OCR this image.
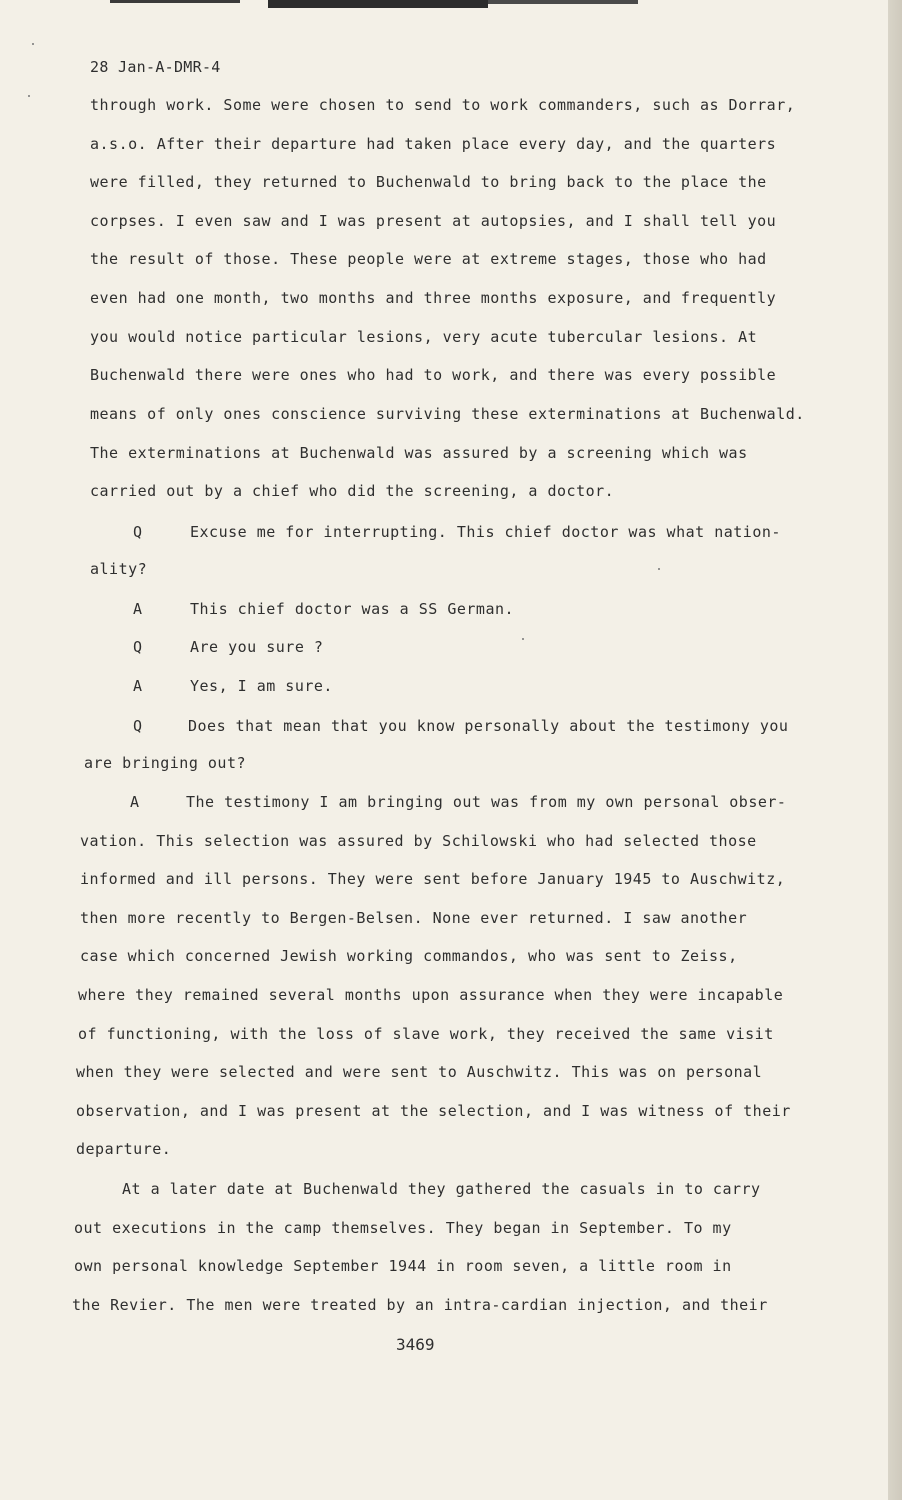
28 Jan-A-DMR-4
through work. Some were chosen to send to work commanders, such as Dorrar,
a.s.o. After their departure had taken place every day, and the quarters
were filled, they returned to Buchenwald to bring back to the place the
corpses. I even saw and I was present at autopsies, and I shall tell you
the result of those. These people were at extreme stages, those who had
even had one month, two months and three months exposure, and frequently
you would notice particular lesions, very acute tubercular lesions. At
Buchenwald there were ones who had to work, and there was every possible
means of only ones conscience surviving these exterminations at Buchenwald.
The exterminations at Buchenwald was assured by a screening which was
carried out by a chief who did the screening, a doctor.
Q	Excuse me for interrupting. This chief doctor was what nation-
ality?
A	This chief doctor was a SS German.
Q	Are you sure ?
A	Yes, I am sure.
Q	Does that mean that you know personally about the testimony you
are bringing out?
A	The testimony I am bringing out was from my own personal obser-
vation. This selection was assured by Schilowski who had selected those
informed and ill persons. They were sent before January 1945 to Auschwitz,
then more recently to Bergen-Belsen. None ever returned. I saw another
case which concerned Jewish working commandos, who was sent to Zeiss,
where they remained several months upon assurance when they were incapable
of functioning, with the loss of slave work, they received the same visit
when they were selected and were sent to Auschwitz. This was on personal
observation, and I was present at the selection, and I was witness of their
departure.
At a later date at Buchenwald they gathered the casuals in to carry
out executions in the camp themselves. They began in September. To my
own personal knowledge September 1944 in room seven, a little room in
the Revier. The men were treated by an intra-cardian injection, and their
3469
